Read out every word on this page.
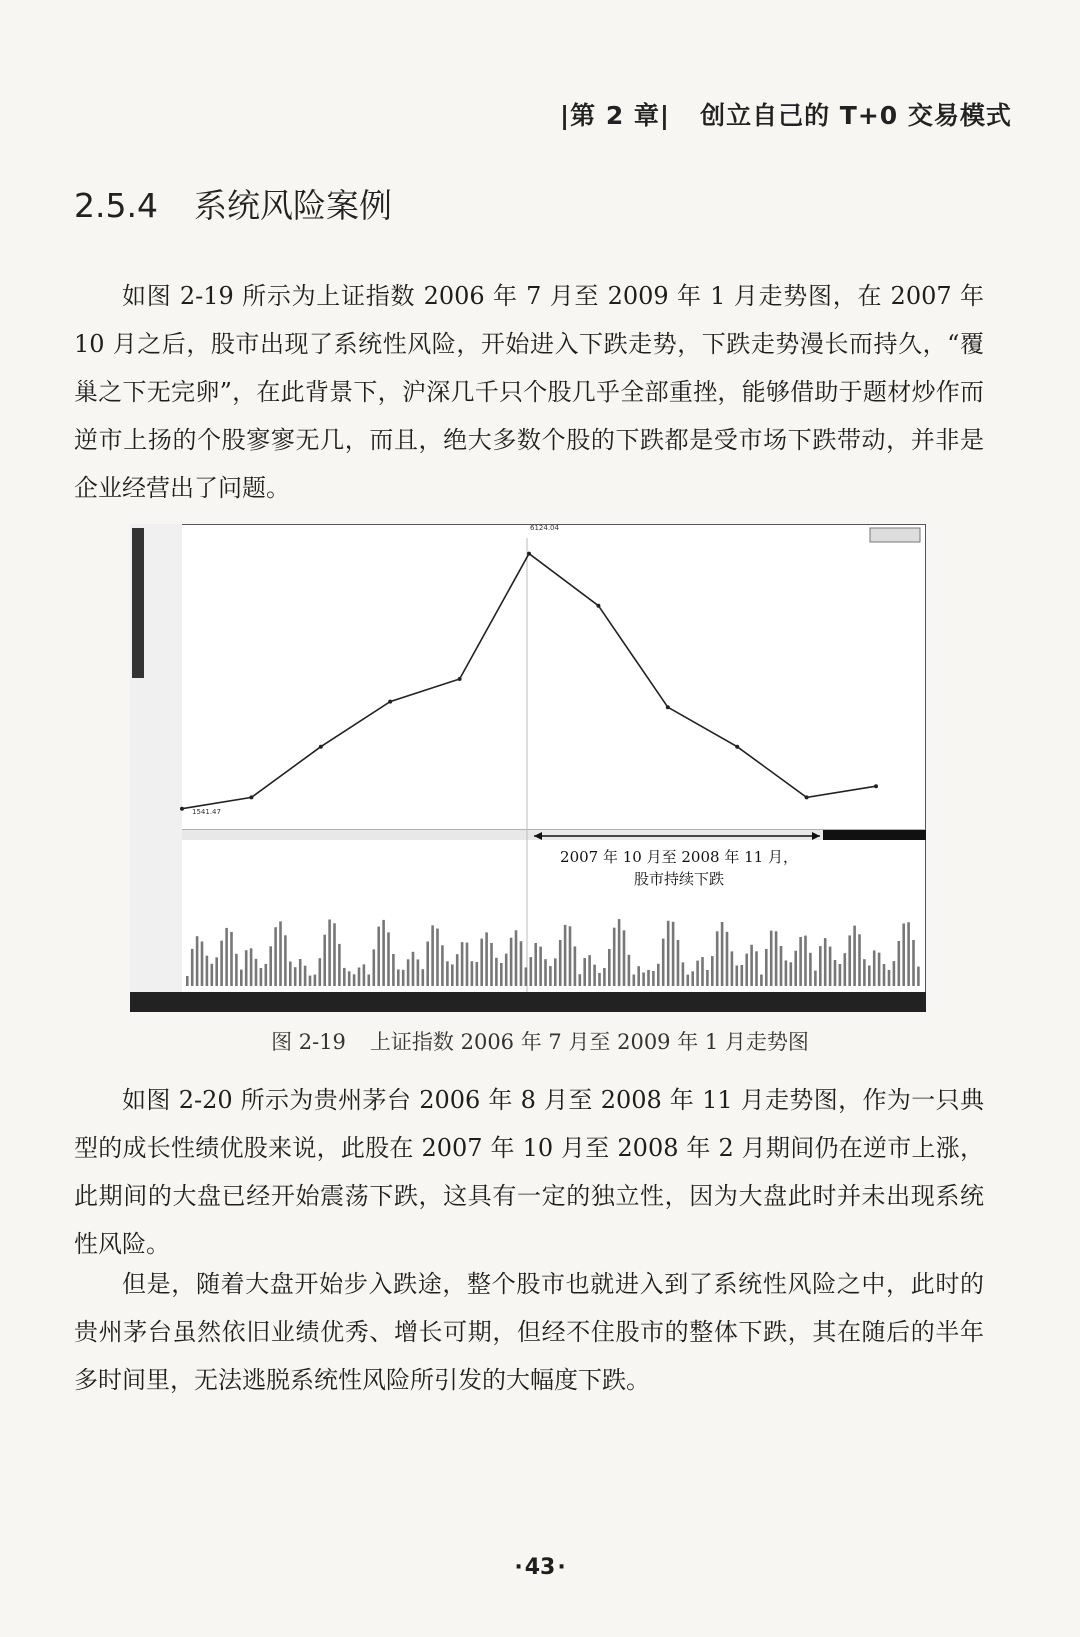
|第 2 章| 创立自己的 T+0 交易模式
2.5.4 系统风险案例

如图 2-19 所示为上证指数 2006 年 7 月至 2009 年 1 月走势图，在 2007 年 10 月之后，股市出现了系统性风险，开始进入下跌走势，下跌走势漫长而持久，“覆巢之下无完卵”，在此背景下，沪深几千只个股几乎全部重挫，能够借助于题材炒作而逆市上扬的个股寥寥无几，而且，绝大多数个股的下跌都是受市场下跌带动，并非是企业经营出了问题。

6124.04
1541.47
2007 年 10 月至 2008 年 11 月，
股市持续下跌
图 2-19 上证指数 2006 年 7 月至 2009 年 1 月走势图

如图 2-20 所示为贵州茅台 2006 年 8 月至 2008 年 11 月走势图，作为一只典型的成长性绩优股来说，此股在 2007 年 10 月至 2008 年 2 月期间仍在逆市上涨，此期间的大盘已经开始震荡下跌，这具有一定的独立性，因为大盘此时并未出现系统性风险。

但是，随着大盘开始步入跌途，整个股市也就进入到了系统性风险之中，此时的贵州茅台虽然依旧业绩优秀、增长可期，但经不住股市的整体下跌，其在随后的半年多时间里，无法逃脱系统性风险所引发的大幅度下跌。

·43·
